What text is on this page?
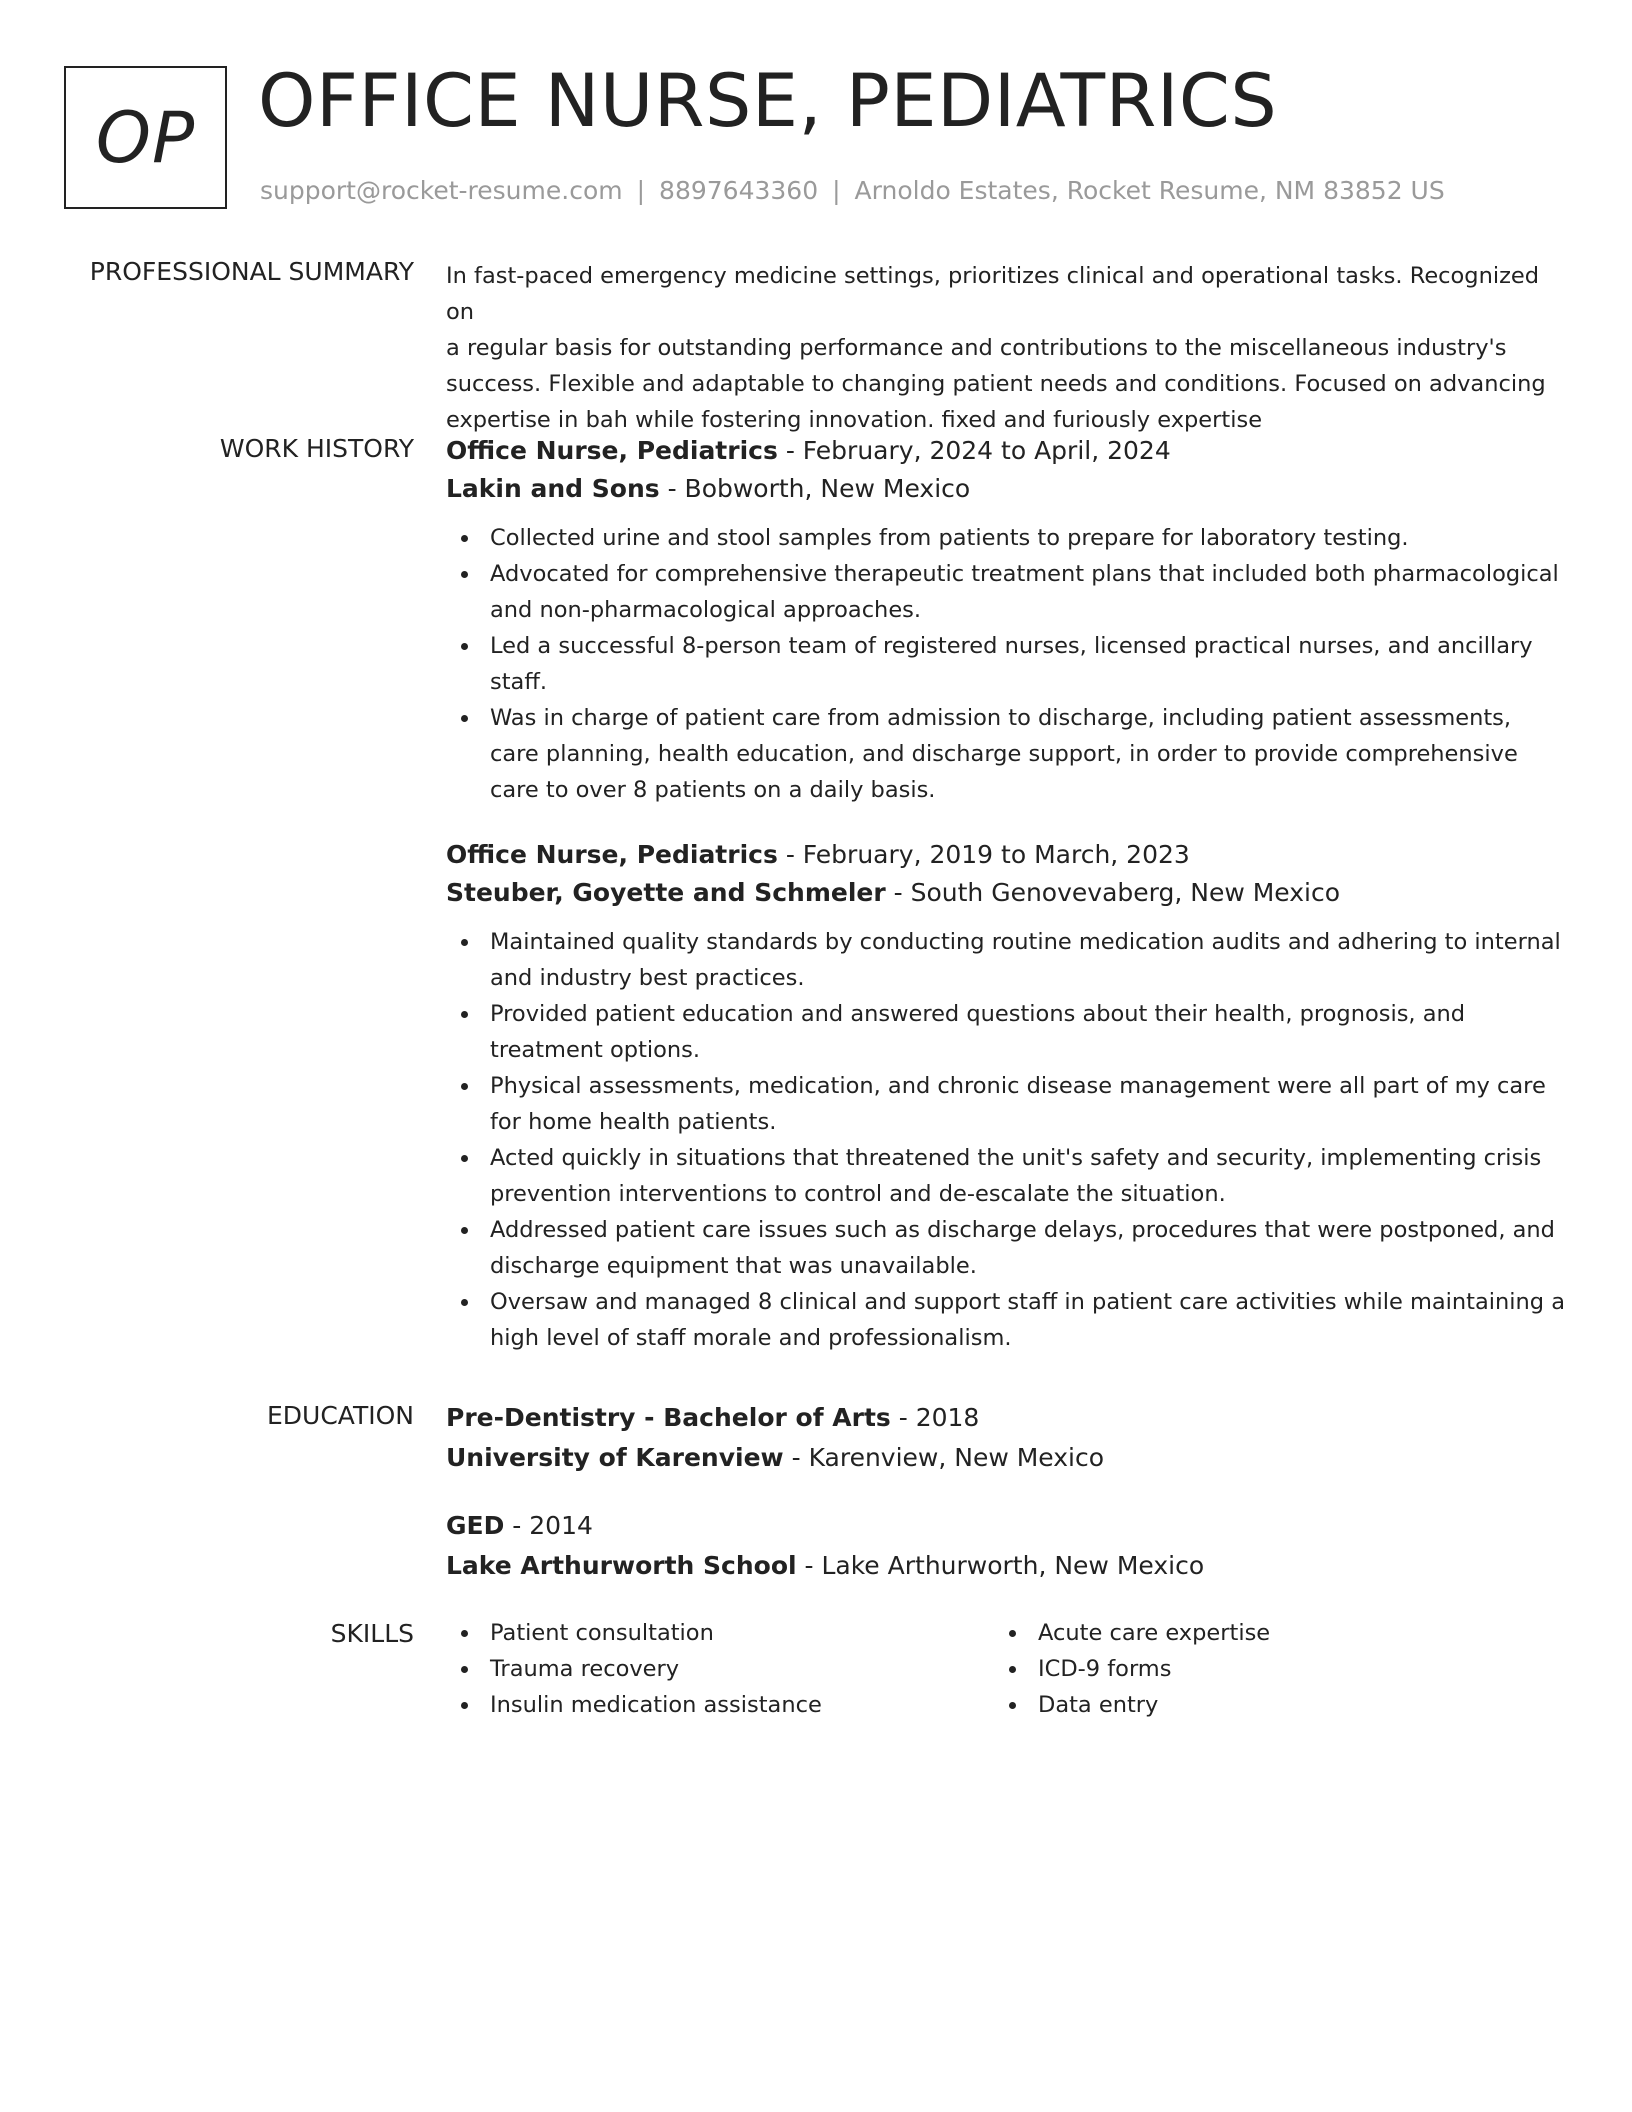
OP OFFICE NURSE, PEDIATRICS
support@rocket-resume.com | 8897643360 | Arnoldo Estates, Rocket Resume, NM 83852 US
PROFESSIONAL SUMMARY In fast-paced emergency medicine settings, prioritizes clinical and operational tasks. Recognized on
a regular basis for outstanding performance and contributions to the miscellaneous industry's
success. Flexible and adaptable to changing patient needs and conditions. Focused on advancing
expertise in bah while fostering innovation. fixed and furiously expertise
WORK HISTORY Office Nurse, Pediatrics - February, 2024 to April, 2024
Lakin and Sons - Bobworth, New Mexico
Collected urine and stool samples from patients to prepare for laboratory testing.
Advocated for comprehensive therapeutic treatment plans that included both pharmacological and non-pharmacological approaches.
Led a successful 8-person team of registered nurses, licensed practical nurses, and ancillary staff.
Was in charge of patient care from admission to discharge, including patient assessments, care planning, health education, and discharge support, in order to provide comprehensive care to over 8 patients on a daily basis.
Office Nurse, Pediatrics - February, 2019 to March, 2023
Steuber, Goyette and Schmeler - South Genovevaberg, New Mexico
Maintained quality standards by conducting routine medication audits and adhering to internal and industry best practices.
Provided patient education and answered questions about their health, prognosis, and treatment options.
Physical assessments, medication, and chronic disease management were all part of my care for home health patients.
Acted quickly in situations that threatened the unit's safety and security, implementing crisis prevention interventions to control and de-escalate the situation.
Addressed patient care issues such as discharge delays, procedures that were postponed, and discharge equipment that was unavailable.
Oversaw and managed 8 clinical and support staff in patient care activities while maintaining a high level of staff morale and professionalism.
EDUCATION Pre-Dentistry - Bachelor of Arts - 2018
University of Karenview - Karenview, New Mexico
GED - 2014
Lake Arthurworth School - Lake Arthurworth, New Mexico
SKILLS	Patient consultation
Trauma recovery
Insulin medication assistance
Acute care expertise
ICD-9 forms
Data entry
